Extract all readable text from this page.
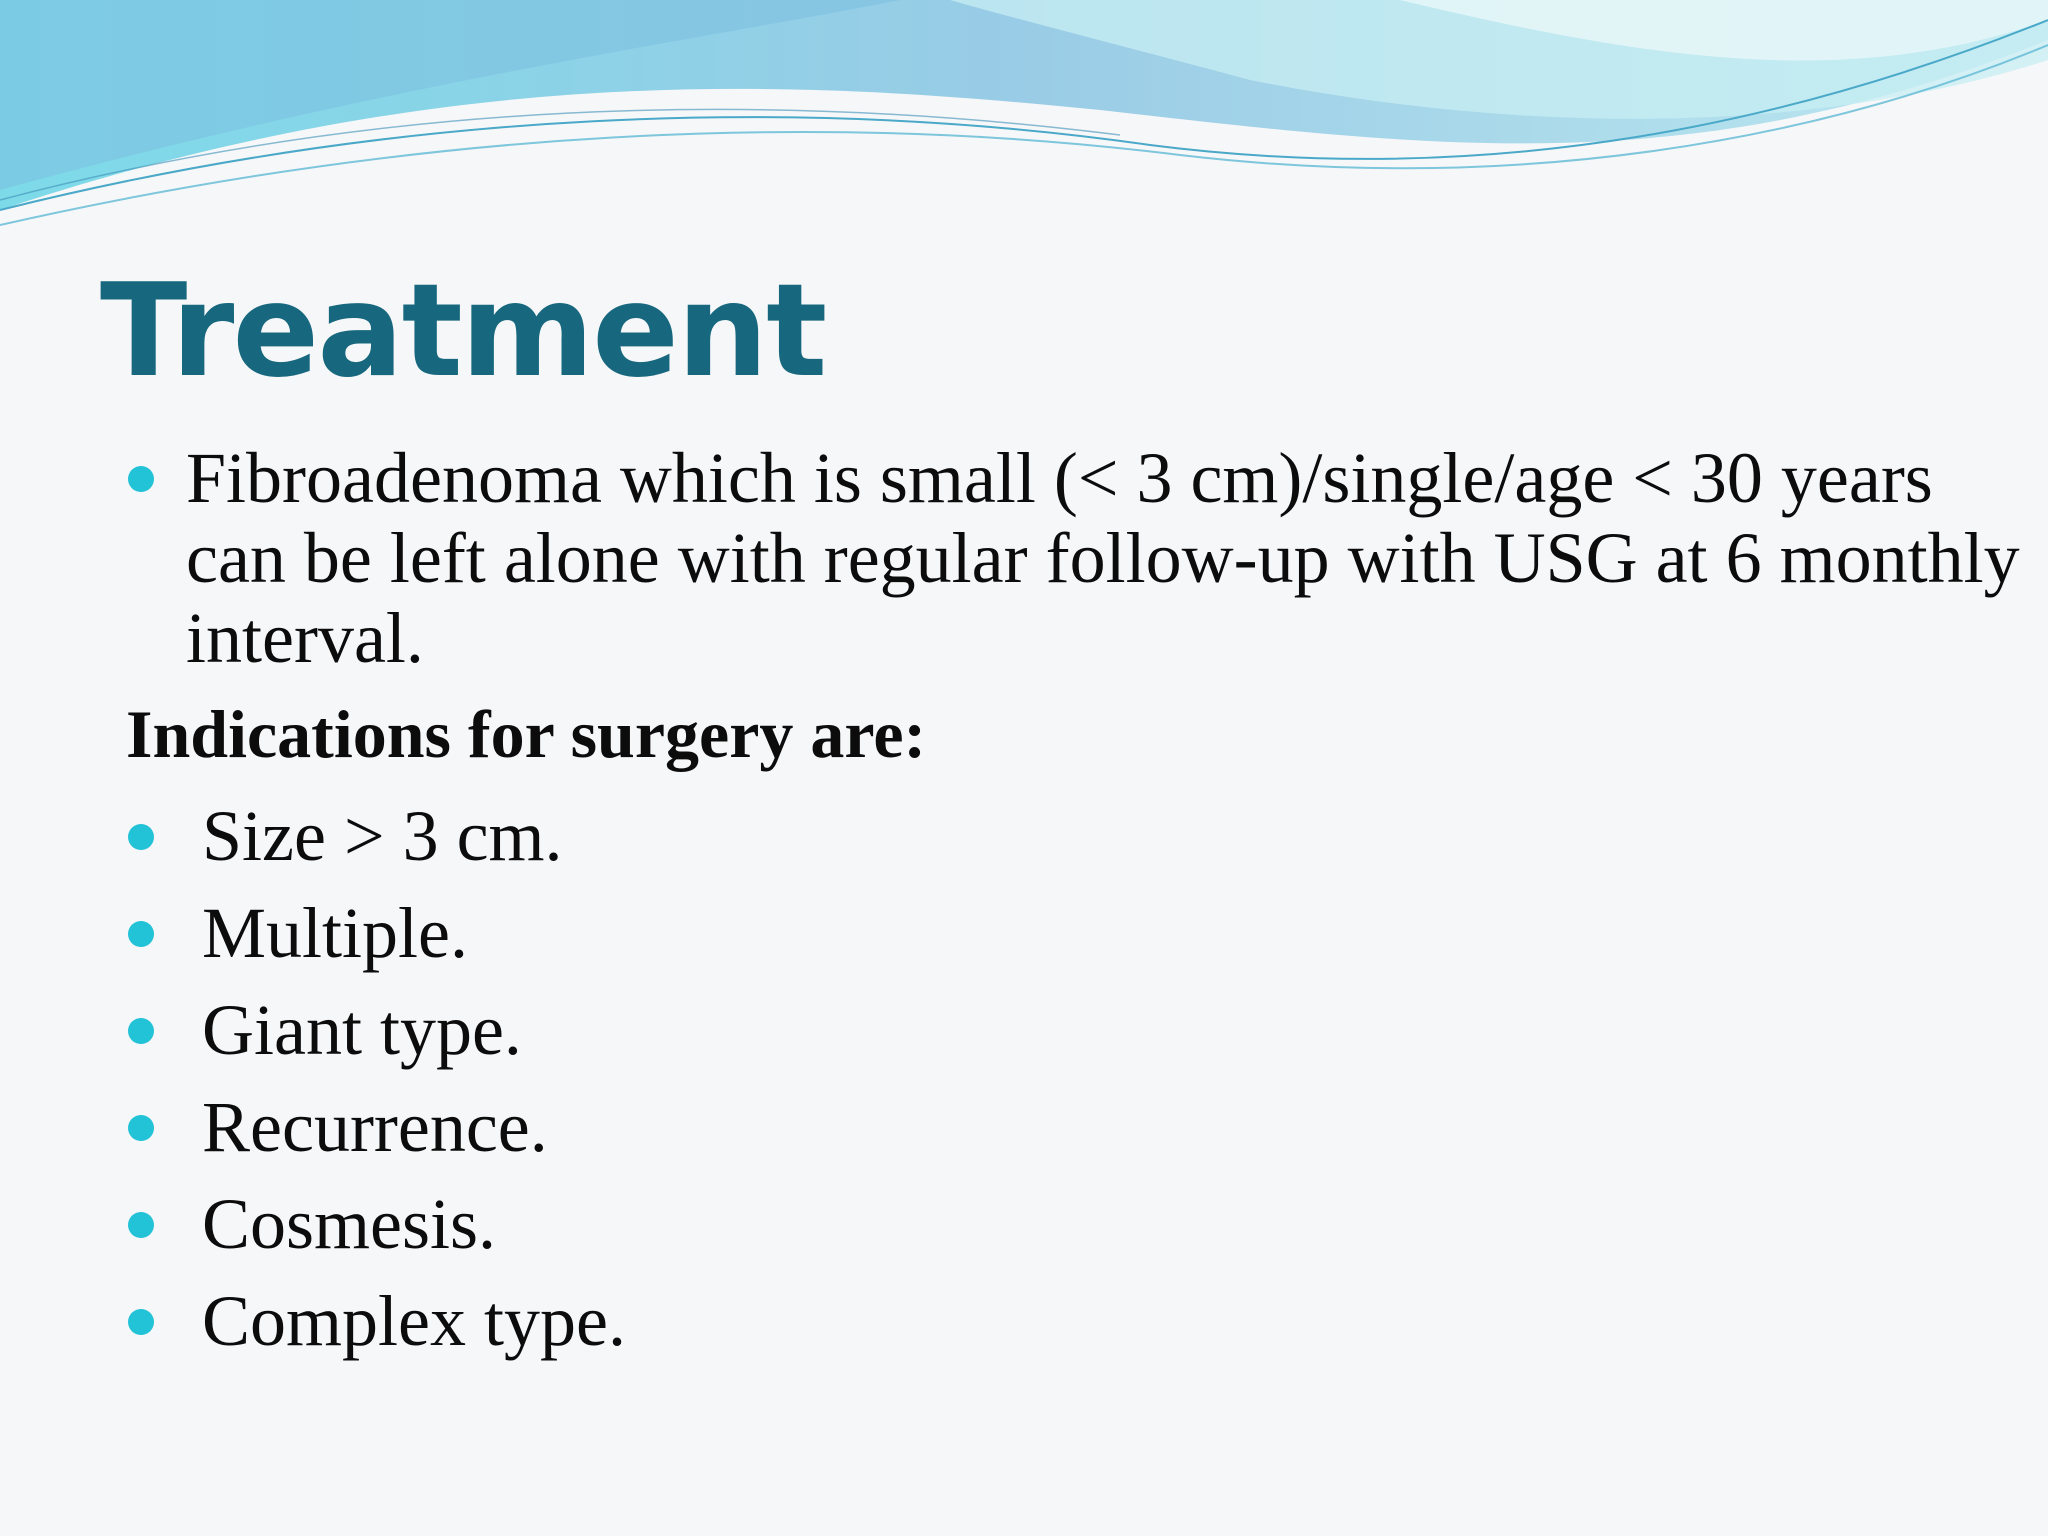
Treatment
Fibroadenoma which is small (< 3 cm)/single/age < 30 years can be left alone with regular follow-up with USG at 6 monthly interval.
Indications for surgery are:
Size > 3 cm.
Multiple.
Giant type.
Recurrence.
Cosmesis.
Complex type.
